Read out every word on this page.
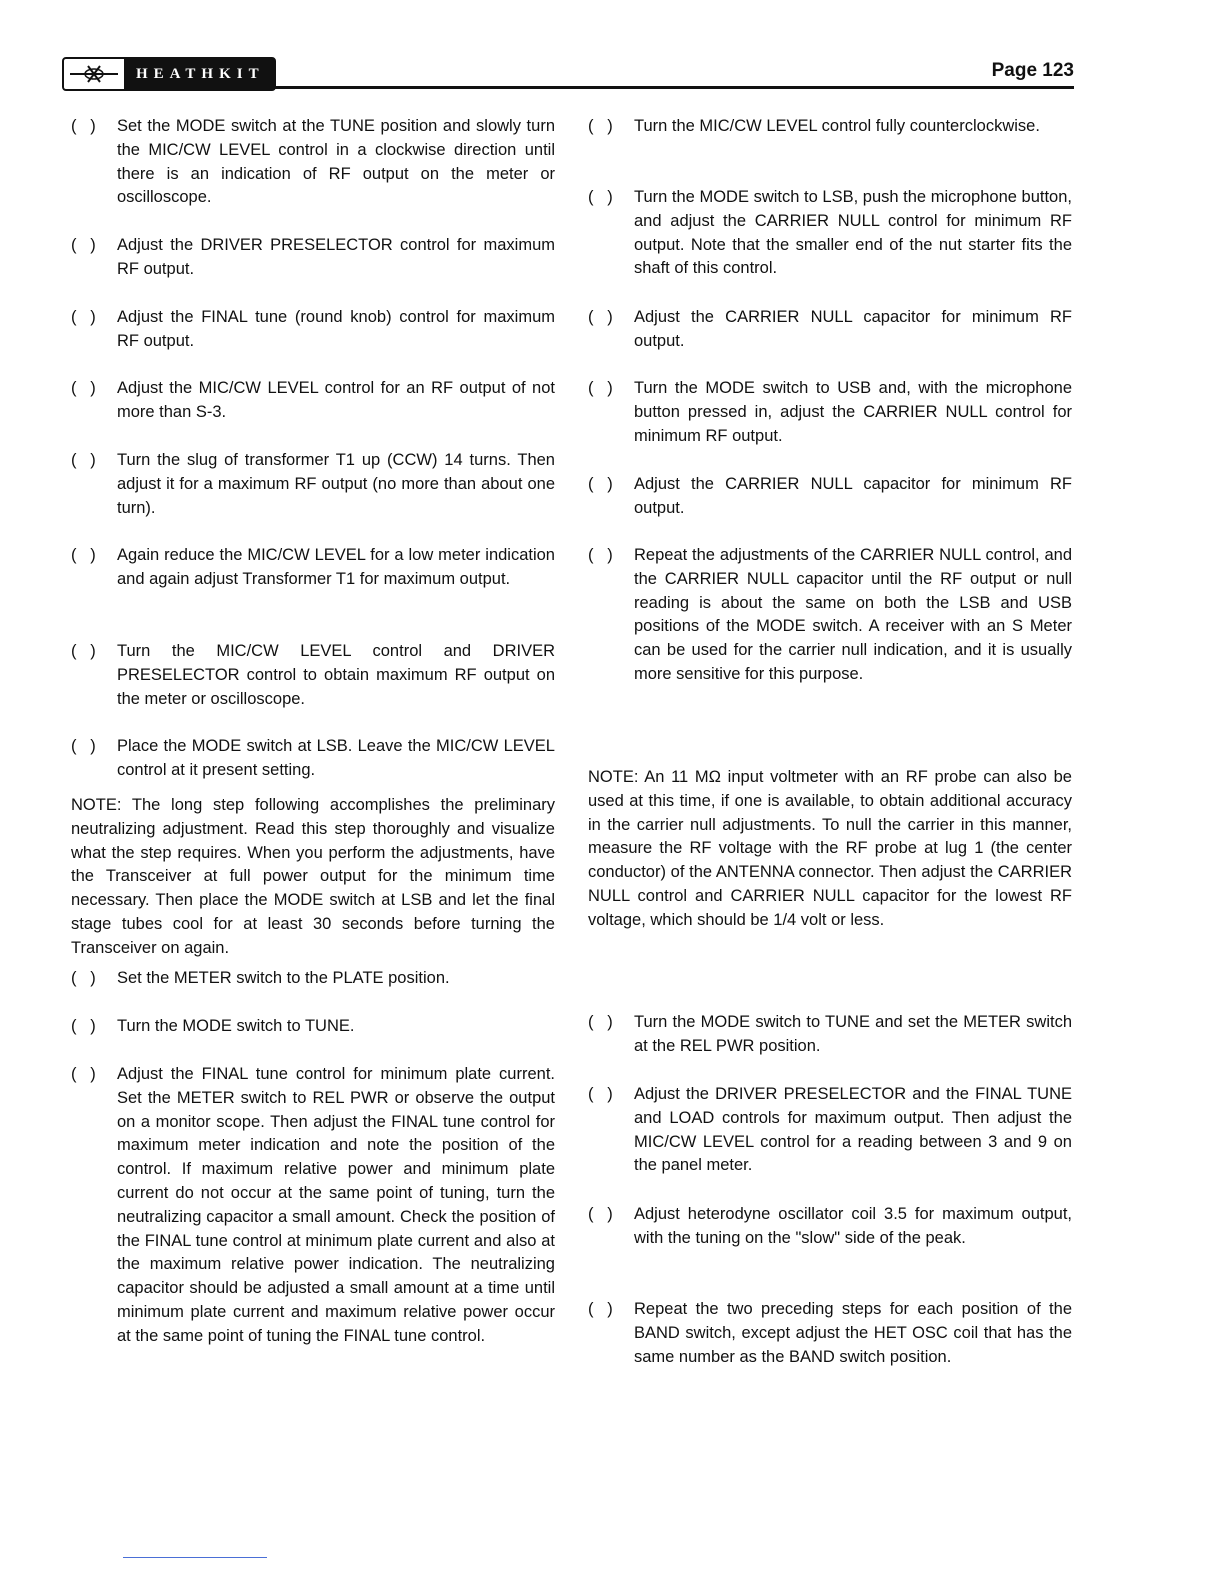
HEATHKIT	Page 123
(   ) Set the MODE switch at the TUNE position and slowly turn the MIC/CW LEVEL control in a clockwise direction until there is an indication of RF output on the meter or oscilloscope.
(   ) Adjust the DRIVER PRESELECTOR control for maximum RF output.
(   ) Adjust the FINAL tune (round knob) control for maximum RF output.
(   ) Adjust the MIC/CW LEVEL control for an RF output of not more than S-3.
(   ) Turn the slug of transformer T1 up (CCW) 14 turns. Then adjust it for a maximum RF output (no more than about one turn).
(   ) Again reduce the MIC/CW LEVEL for a low meter indication and again adjust Transformer T1 for maximum output.
(   ) Turn the MIC/CW LEVEL control and DRIVER PRESELECTOR control to obtain maximum RF output on the meter or oscilloscope.
(   ) Place the MODE switch at LSB. Leave the MIC/CW LEVEL control at it present setting.
NOTE: The long step following accomplishes the preliminary neutralizing adjustment. Read this step thoroughly and visualize what the step requires. When you perform the adjustments, have the Transceiver at full power output for the minimum time necessary. Then place the MODE switch at LSB and let the final stage tubes cool for at least 30 seconds before turning the Transceiver on again.
(   ) Set the METER switch to the PLATE position.
(   ) Turn the MODE switch to TUNE.
(   ) Adjust the FINAL tune control for minimum plate current. Set the METER switch to REL PWR or observe the output on a monitor scope. Then adjust the FINAL tune control for maximum meter indication and note the position of the control. If maximum relative power and minimum plate current do not occur at the same point of tuning, turn the neutralizing capacitor a small amount. Check the position of the FINAL tune control at minimum plate current and also at the maximum relative power indication. The neutralizing capacitor should be adjusted a small amount at a time until minimum plate current and maximum relative power occur at the same point of tuning the FINAL tune control.
(   ) Turn the MIC/CW LEVEL control fully counterclockwise.
(   ) Turn the MODE switch to LSB, push the microphone button, and adjust the CARRIER NULL control for minimum RF output. Note that the smaller end of the nut starter fits the shaft of this control.
(   ) Adjust the CARRIER NULL capacitor for minimum RF output.
(   ) Turn the MODE switch to USB and, with the microphone button pressed in, adjust the CARRIER NULL control for minimum RF output.
(   ) Adjust the CARRIER NULL capacitor for minimum RF output.
(   ) Repeat the adjustments of the CARRIER NULL control, and the CARRIER NULL capacitor until the RF output or null reading is about the same on both the LSB and USB positions of the MODE switch. A receiver with an S Meter can be used for the carrier null indication, and it is usually more sensitive for this purpose.
NOTE: An 11 MΩ input voltmeter with an RF probe can also be used at this time, if one is available, to obtain additional accuracy in the carrier null adjustments. To null the carrier in this manner, measure the RF voltage with the RF probe at lug 1 (the center conductor) of the ANTENNA connector. Then adjust the CARRIER NULL control and CARRIER NULL capacitor for the lowest RF voltage, which should be 1/4 volt or less.
(   ) Turn the MODE switch to TUNE and set the METER switch at the REL PWR position.
(   ) Adjust the DRIVER PRESELECTOR and the FINAL TUNE and LOAD controls for maximum output. Then adjust the MIC/CW LEVEL control for a reading between 3 and 9 on the panel meter.
(   ) Adjust heterodyne oscillator coil 3.5 for maximum output, with the tuning on the "slow" side of the peak.
(   ) Repeat the two preceding steps for each position of the BAND switch, except adjust the HET OSC coil that has the same number as the BAND switch position.
